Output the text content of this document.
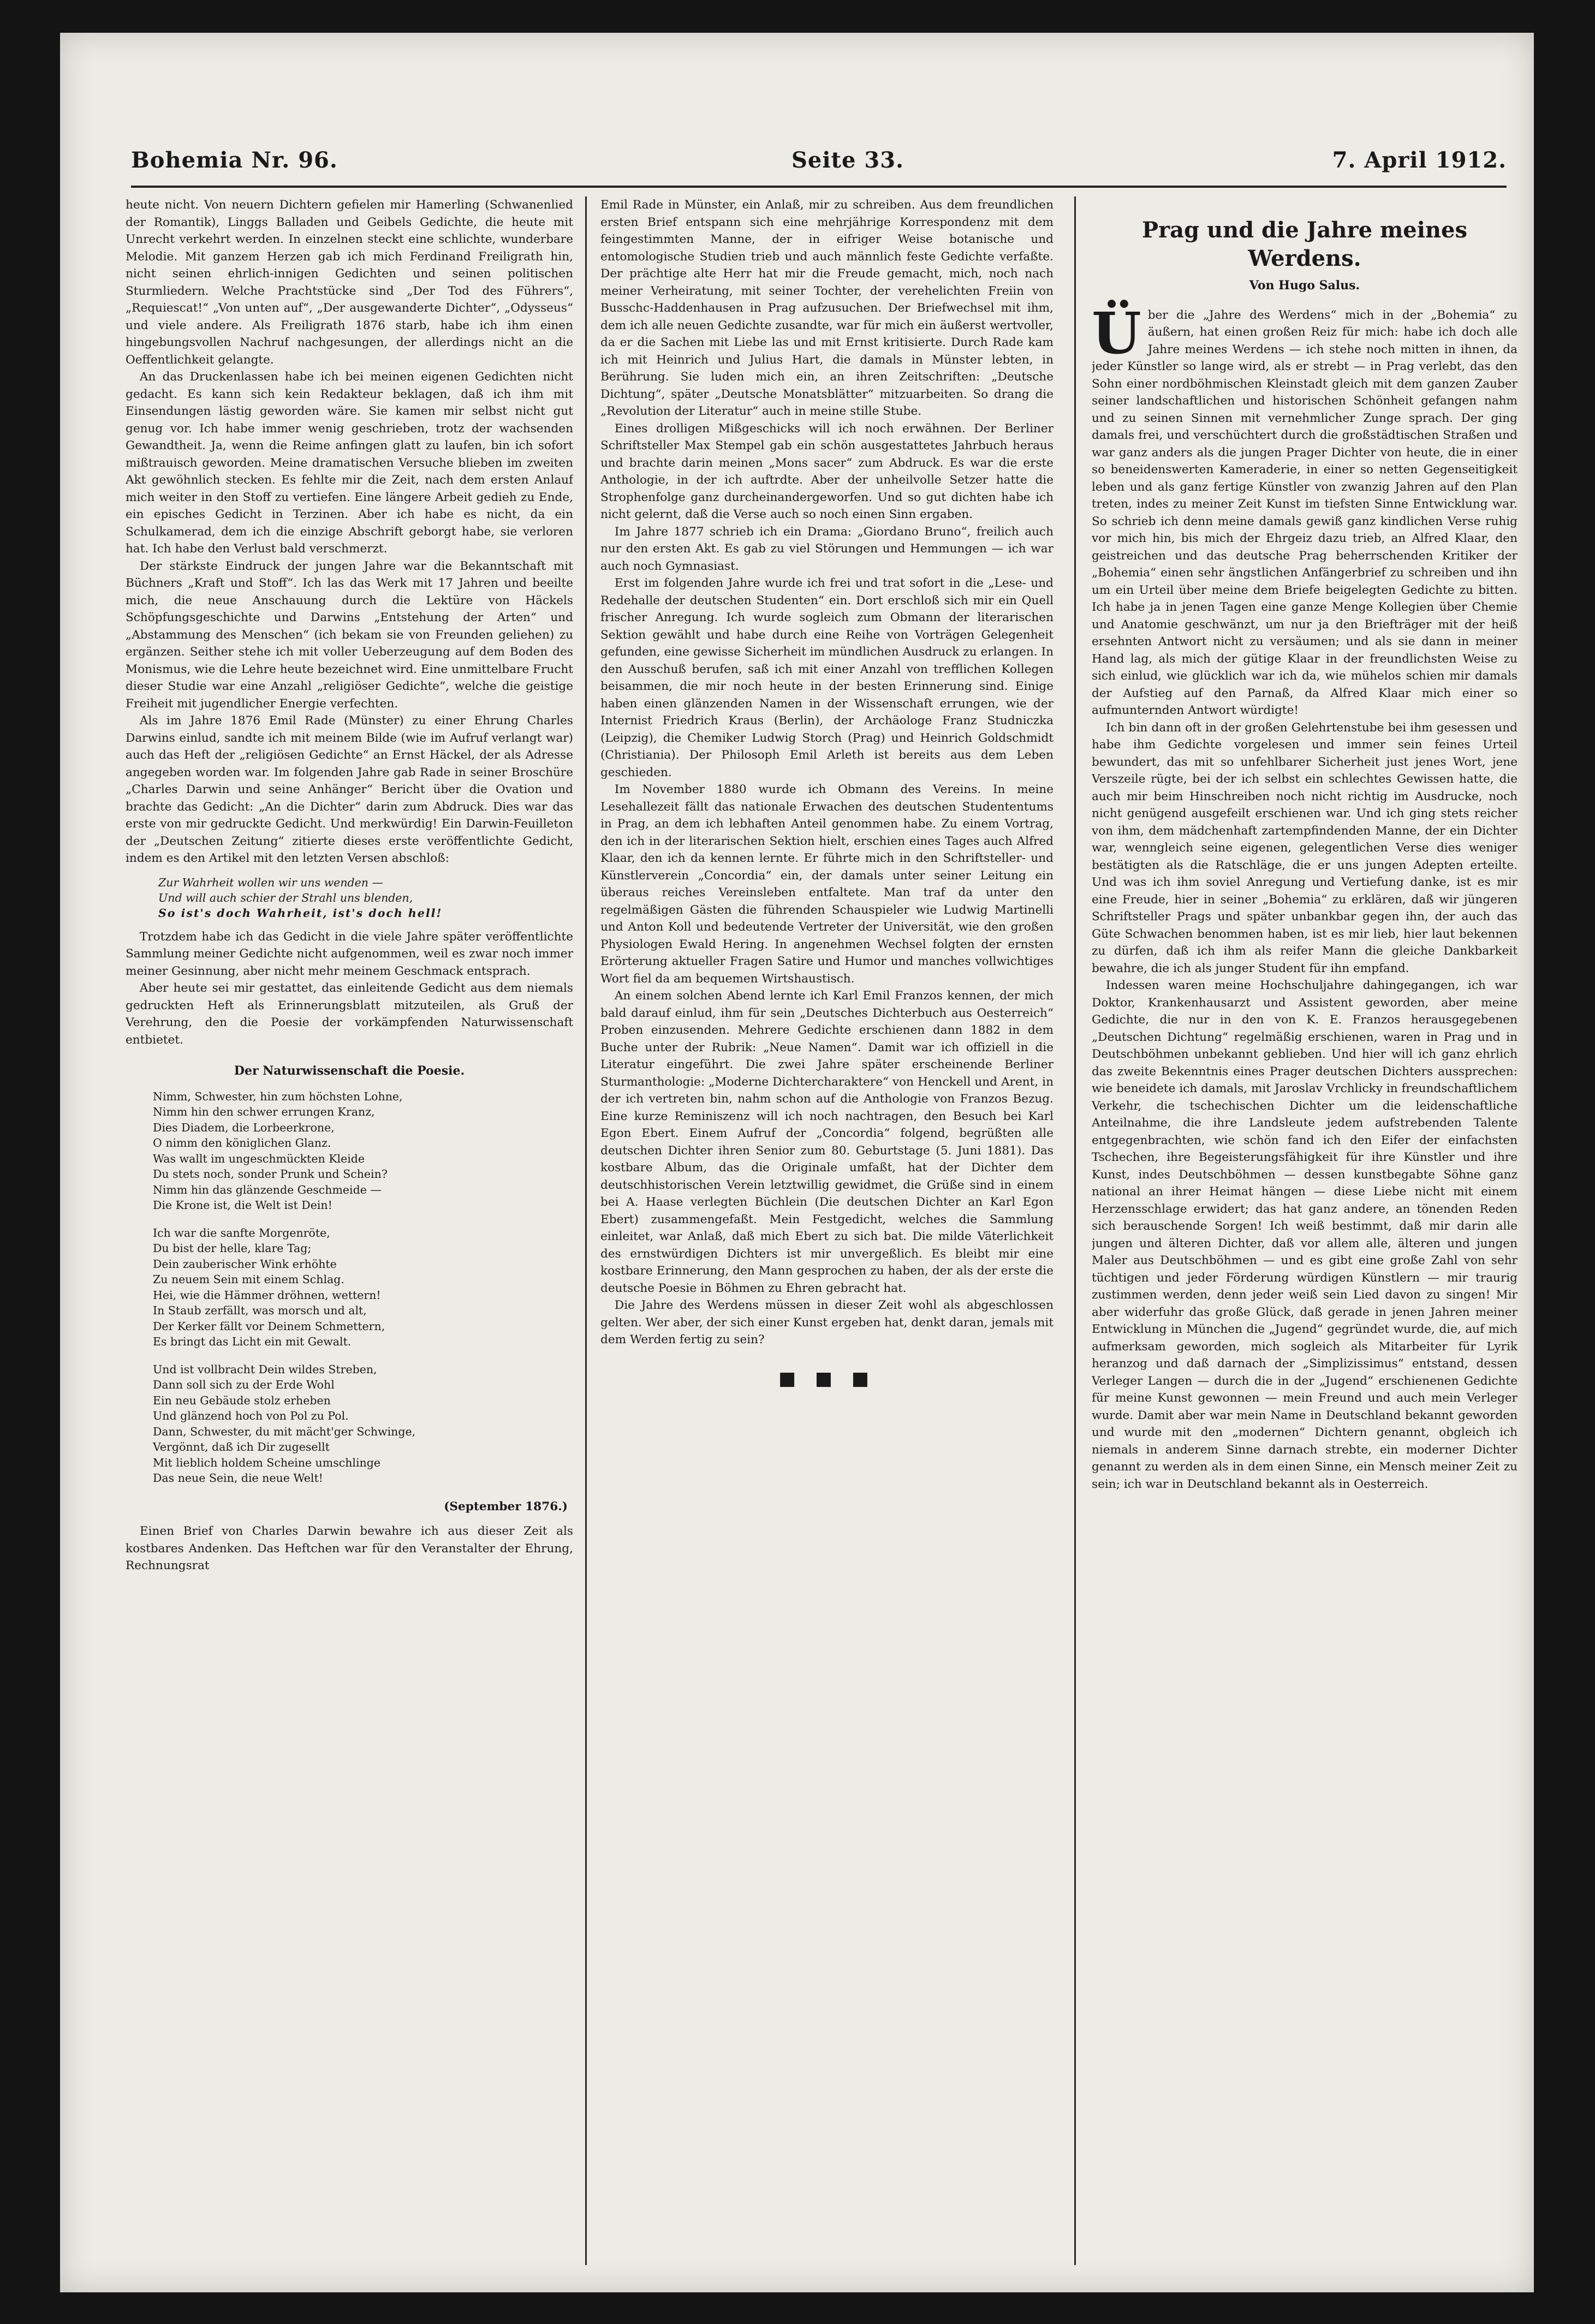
Bohemia Nr. 96.	Seite 33.	7. April 1912.

heute nicht. Von neuern Dichtern gefielen mir Hamerling (Schwanenlied der Romantik), Linggs Balladen und Geibels Gedichte, die heute mit Unrecht verkehrt werden. In einzelnen steckt eine schlichte, wunderbare Melodie. Mit ganzem Herzen gab ich mich Ferdinand Freiligrath hin, nicht seinen ehrlich-innigen Gedichten und seinen politischen Sturmliedern. Welche Prachtstücke sind „Der Tod des Führers“, „Requiescat!“ „Von unten auf“, „Der ausgewanderte Dichter“, „Odysseus“ und viele andere. Als Freiligrath 1876 starb, habe ich ihm einen hingebungsvollen Nachruf nachgesungen, der allerdings nicht an die Oeffentlichkeit gelangte.

An das Druckenlassen habe ich bei meinen eigenen Gedichten nicht gedacht. Es kann sich kein Redakteur beklagen, daß ich ihm mit Einsendungen lästig geworden wäre. Sie kamen mir selbst nicht gut genug vor. Ich habe immer wenig geschrieben, trotz der wachsenden Gewandtheit. Ja, wenn die Reime anfingen glatt zu laufen, bin ich sofort mißtrauisch geworden. Meine dramatischen Versuche blieben im zweiten Akt gewöhnlich stecken. Es fehlte mir die Zeit, nach dem ersten Anlauf mich weiter in den Stoff zu vertiefen. Eine längere Arbeit gedieh zu Ende, ein episches Gedicht in Terzinen. Aber ich habe es nicht, da ein Schulkamerad, dem ich die einzige Abschrift geborgt habe, sie verloren hat. Ich habe den Verlust bald verschmerzt.

Der stärkste Eindruck der jungen Jahre war die Bekanntschaft mit Büchners „Kraft und Stoff“. Ich las das Werk mit 17 Jahren und beeilte mich, die neue Anschauung durch die Lektüre von Häckels Schöpfungsgeschichte und Darwins „Entstehung der Arten“ und „Abstammung des Menschen“ (ich bekam sie von Freunden geliehen) zu ergänzen. Seither stehe ich mit voller Ueberzeugung auf dem Boden des Monismus, wie die Lehre heute bezeichnet wird. Eine unmittelbare Frucht dieser Studie war eine Anzahl „religiöser Gedichte“, welche die geistige Freiheit mit jugendlicher Energie verfechten.

Als im Jahre 1876 Emil Rade (Münster) zu einer Ehrung Charles Darwins einlud, sandte ich mit meinem Bilde (wie im Aufruf verlangt war) auch das Heft der „religiösen Gedichte“ an Ernst Häckel, der als Adresse angegeben worden war. Im folgenden Jahre gab Rade in seiner Broschüre „Charles Darwin und seine Anhänger“ Bericht über die Ovation und brachte das Gedicht: „An die Dichter“ darin zum Abdruck. Dies war das erste von mir gedruckte Gedicht. Und merkwürdig! Ein Darwin-Feuilleton der „Deutschen Zeitung“ zitierte dieses erste veröffentlichte Gedicht, indem es den Artikel mit den letzten Versen abschloß:

Zur Wahrheit wollen wir uns wenden —
Und will auch schier der Strahl uns blenden,
So ist's doch Wahrheit, ist's doch hell!

Trotzdem habe ich das Gedicht in die viele Jahre später veröffentlichte Sammlung meiner Gedichte nicht aufgenommen, weil es zwar noch immer meiner Gesinnung, aber nicht mehr meinem Geschmack entsprach.

Aber heute sei mir gestattet, das einleitende Gedicht aus dem niemals gedruckten Heft als Erinnerungsblatt mitzuteilen, als Gruß der Verehrung, den die Poesie der vorkämpfenden Naturwissenschaft entbietet.

Der Naturwissenschaft die Poesie.
Nimm, Schwester, hin zum höchsten Lohne,
Nimm hin den schwer errungen Kranz,
Dies Diadem, die Lorbeerkrone,
O nimm den königlichen Glanz.
Was wallt im ungeschmückten Kleide
Du stets noch, sonder Prunk und Schein?
Nimm hin das glänzende Geschmeide —
Die Krone ist, die Welt ist Dein!
Ich war die sanfte Morgenröte,
Du bist der helle, klare Tag;
Dein zauberischer Wink erhöhte
Zu neuem Sein mit einem Schlag.
Hei, wie die Hämmer dröhnen, wettern!
In Staub zerfällt, was morsch und alt,
Der Kerker fällt vor Deinem Schmettern,
Es bringt das Licht ein mit Gewalt.
Und ist vollbracht Dein wildes Streben,
Dann soll sich zu der Erde Wohl
Ein neu Gebäude stolz erheben
Und glänzend hoch von Pol zu Pol.
Dann, Schwester, du mit mächt'ger Schwinge,
Vergönnt, daß ich Dir zugesellt
Mit lieblich holdem Scheine umschlinge
Das neue Sein, die neue Welt!
(September 1876.)

Einen Brief von Charles Darwin bewahre ich aus dieser Zeit als kostbares Andenken. Das Heftchen war für den Veranstalter der Ehrung, Rechnungsrat

Emil Rade in Münster, ein Anlaß, mir zu schreiben. Aus dem freundlichen ersten Brief entspann sich eine mehrjährige Korrespondenz mit dem feingestimmten Manne, der in eifriger Weise botanische und entomologische Studien trieb und auch männlich feste Gedichte verfaßte. Der prächtige alte Herr hat mir die Freude gemacht, mich, noch nach meiner Verheiratung, mit seiner Tochter, der verehelichten Freiin von Busschc-Haddenhausen in Prag aufzusuchen. Der Briefwechsel mit ihm, dem ich alle neuen Gedichte zusandte, war für mich ein äußerst wertvoller, da er die Sachen mit Liebe las und mit Ernst kritisierte. Durch Rade kam ich mit Heinrich und Julius Hart, die damals in Münster lebten, in Berührung. Sie luden mich ein, an ihren Zeitschriften: „Deutsche Dichtung“, später „Deutsche Monatsblätter“ mitzuarbeiten. So drang die „Revolution der Literatur“ auch in meine stille Stube.

Eines drolligen Mißgeschicks will ich noch erwähnen. Der Berliner Schriftsteller Max Stempel gab ein schön ausgestattetes Jahrbuch heraus und brachte darin meinen „Mons sacer“ zum Abdruck. Es war die erste Anthologie, in der ich auftrdte. Aber der unheilvolle Setzer hatte die Strophenfolge ganz durcheinandergeworfen. Und so gut dichten habe ich nicht gelernt, daß die Verse auch so noch einen Sinn ergaben.

Im Jahre 1877 schrieb ich ein Drama: „Giordano Bruno“, freilich auch nur den ersten Akt. Es gab zu viel Störungen und Hemmungen — ich war auch noch Gymnasiast.

Erst im folgenden Jahre wurde ich frei und trat sofort in die „Lese- und Redehalle der deutschen Studenten“ ein. Dort erschloß sich mir ein Quell frischer Anregung. Ich wurde sogleich zum Obmann der literarischen Sektion gewählt und habe durch eine Reihe von Vorträgen Gelegenheit gefunden, eine gewisse Sicherheit im mündlichen Ausdruck zu erlangen. In den Ausschuß berufen, saß ich mit einer Anzahl von trefflichen Kollegen beisammen, die mir noch heute in der besten Erinnerung sind. Einige haben einen glänzenden Namen in der Wissenschaft errungen, wie der Internist Friedrich Kraus (Berlin), der Archäologe Franz Studniczka (Leipzig), die Chemiker Ludwig Storch (Prag) und Heinrich Goldschmidt (Christiania). Der Philosoph Emil Arleth ist bereits aus dem Leben geschieden.

Im November 1880 wurde ich Obmann des Vereins. In meine Lesehallezeit fällt das nationale Erwachen des deutschen Studententums in Prag, an dem ich lebhaften Anteil genommen habe. Zu einem Vortrag, den ich in der literarischen Sektion hielt, erschien eines Tages auch Alfred Klaar, den ich da kennen lernte. Er führte mich in den Schriftsteller- und Künstlerverein „Concordia“ ein, der damals unter seiner Leitung ein überaus reiches Vereinsleben entfaltete. Man traf da unter den regelmäßigen Gästen die führenden Schauspieler wie Ludwig Martinelli und Anton Koll und bedeutende Vertreter der Universität, wie den großen Physiologen Ewald Hering. In angenehmen Wechsel folgten der ernsten Erörterung aktueller Fragen Satire und Humor und manches vollwichtiges Wort fiel da am bequemen Wirtshaustisch.

An einem solchen Abend lernte ich Karl Emil Franzos kennen, der mich bald darauf einlud, ihm für sein „Deutsches Dichterbuch aus Oesterreich“ Proben einzusenden. Mehrere Gedichte erschienen dann 1882 in dem Buche unter der Rubrik: „Neue Namen“. Damit war ich offiziell in die Literatur eingeführt. Die zwei Jahre später erscheinende Berliner Sturmanthologie: „Moderne Dichtercharaktere“ von Henckell und Arent, in der ich vertreten bin, nahm schon auf die Anthologie von Franzos Bezug. Eine kurze Reminiszenz will ich noch nachtragen, den Besuch bei Karl Egon Ebert. Einem Aufruf der „Concordia“ folgend, begrüßten alle deutschen Dichter ihren Senior zum 80. Geburtstage (5. Juni 1881). Das kostbare Album, das die Originale umfaßt, hat der Dichter dem deutschhistorischen Verein letztwillig gewidmet, die Grüße sind in einem bei A. Haase verlegten Büchlein (Die deutschen Dichter an Karl Egon Ebert) zusammengefaßt. Mein Festgedicht, welches die Sammlung einleitet, war Anlaß, daß mich Ebert zu sich bat. Die milde Väterlichkeit des ernstwürdigen Dichters ist mir unvergeßlich. Es bleibt mir eine kostbare Erinnerung, den Mann gesprochen zu haben, der als der erste die deutsche Poesie in Böhmen zu Ehren gebracht hat.

Die Jahre des Werdens müssen in dieser Zeit wohl als abgeschlossen gelten. Wer aber, der sich einer Kunst ergeben hat, denkt daran, jemals mit dem Werden fertig zu sein?

■ ■ ■
Prag und die Jahre meines Werdens.
Von Hugo Salus.

Über die „Jahre des Werdens“ mich in der „Bohemia“ zu äußern, hat einen großen Reiz für mich: habe ich doch alle Jahre meines Werdens — ich stehe noch mitten in ihnen, da jeder Künstler so lange wird, als er strebt — in Prag verlebt, das den Sohn einer nordböhmischen Kleinstadt gleich mit dem ganzen Zauber seiner landschaftlichen und historischen Schönheit gefangen nahm und zu seinen Sinnen mit vernehmlicher Zunge sprach. Der ging damals frei, und verschüchtert durch die großstädtischen Straßen und war ganz anders als die jungen Prager Dichter von heute, die in einer so beneidenswerten Kameraderie, in einer so netten Gegenseitigkeit leben und als ganz fertige Künstler von zwanzig Jahren auf den Plan treten, indes zu meiner Zeit Kunst im tiefsten Sinne Entwicklung war. So schrieb ich denn meine damals gewiß ganz kindlichen Verse ruhig vor mich hin, bis mich der Ehrgeiz dazu trieb, an Alfred Klaar, den geistreichen und das deutsche Prag beherrschenden Kritiker der „Bohemia“ einen sehr ängstlichen Anfängerbrief zu schreiben und ihn um ein Urteil über meine dem Briefe beigelegten Gedichte zu bitten. Ich habe ja in jenen Tagen eine ganze Menge Kollegien über Chemie und Anatomie geschwänzt, um nur ja den Briefträger mit der heiß ersehnten Antwort nicht zu versäumen; und als sie dann in meiner Hand lag, als mich der gütige Klaar in der freundlichsten Weise zu sich einlud, wie glücklich war ich da, wie mühelos schien mir damals der Aufstieg auf den Parnaß, da Alfred Klaar mich einer so aufmunternden Antwort würdigte!

Ich bin dann oft in der großen Gelehrtenstube bei ihm gesessen und habe ihm Gedichte vorgelesen und immer sein feines Urteil bewundert, das mit so unfehlbarer Sicherheit just jenes Wort, jene Verszeile rügte, bei der ich selbst ein schlechtes Gewissen hatte, die auch mir beim Hinschreiben noch nicht richtig im Ausdrucke, noch nicht genügend ausgefeilt erschienen war. Und ich ging stets reicher von ihm, dem mädchenhaft zartempfindenden Manne, der ein Dichter war, wenngleich seine eigenen, gelegentlichen Verse dies weniger bestätigten als die Ratschläge, die er uns jungen Adepten erteilte. Und was ich ihm soviel Anregung und Vertiefung danke, ist es mir eine Freude, hier in seiner „Bohemia“ zu erklären, daß wir jüngeren Schriftsteller Prags und später unbankbar gegen ihn, der auch das Güte Schwachen benommen haben, ist es mir lieb, hier laut bekennen zu dürfen, daß ich ihm als reifer Mann die gleiche Dankbarkeit bewahre, die ich als junger Student für ihn empfand.

Indessen waren meine Hochschuljahre dahingegangen, ich war Doktor, Krankenhausarzt und Assistent geworden, aber meine Gedichte, die nur in den von K. E. Franzos herausgegebenen „Deutschen Dichtung“ regelmäßig erschienen, waren in Prag und in Deutschböhmen unbekannt geblieben. Und hier will ich ganz ehrlich das zweite Bekenntnis eines Prager deutschen Dichters aussprechen: wie beneidete ich damals, mit Jaroslav Vrchlicky in freundschaftlichem Verkehr, die tschechischen Dichter um die leidenschaftliche Anteilnahme, die ihre Landsleute jedem aufstrebenden Talente entgegenbrachten, wie schön fand ich den Eifer der einfachsten Tschechen, ihre Begeisterungsfähigkeit für ihre Künstler und ihre Kunst, indes Deutschböhmen — dessen kunstbegabte Söhne ganz national an ihrer Heimat hängen — diese Liebe nicht mit einem Herzensschlage erwidert; das hat ganz andere, an tönenden Reden sich berauschende Sorgen! Ich weiß bestimmt, daß mir darin alle jungen und älteren Dichter, daß vor allem alle, älteren und jungen Maler aus Deutschböhmen — und es gibt eine große Zahl von sehr tüchtigen und jeder Förderung würdigen Künstlern — mir traurig zustimmen werden, denn jeder weiß sein Lied davon zu singen! Mir aber widerfuhr das große Glück, daß gerade in jenen Jahren meiner Entwicklung in München die „Jugend“ gegründet wurde, die, auf mich aufmerksam geworden, mich sogleich als Mitarbeiter für Lyrik heranzog und daß darnach der „Simplizissimus“ entstand, dessen Verleger Langen — durch die in der „Jugend“ erschienenen Gedichte für meine Kunst gewonnen — mein Freund und auch mein Verleger wurde. Damit aber war mein Name in Deutschland bekannt geworden und wurde mit den „modernen“ Dichtern genannt, obgleich ich niemals in anderem Sinne darnach strebte, ein moderner Dichter genannt zu werden als in dem einen Sinne, ein Mensch meiner Zeit zu sein; ich war in Deutschland bekannt als in Oesterreich.
